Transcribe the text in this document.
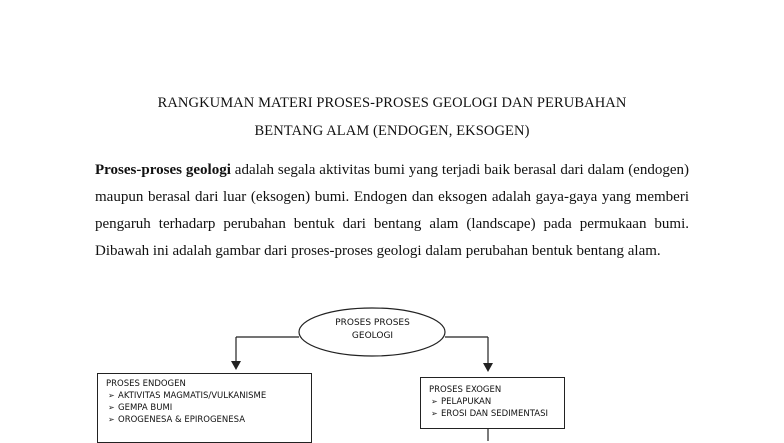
RANGKUMAN MATERI PROSES-PROSES GEOLOGI DAN PERUBAHAN
BENTANG ALAM (ENDOGEN, EKSOGEN)
Proses-proses geologi adalah segala aktivitas bumi yang terjadi baik berasal dari dalam (endogen) maupun berasal dari luar (eksogen) bumi. Endogen dan eksogen adalah gaya-gaya yang memberi pengaruh terhadarp perubahan bentuk dari bentang alam (landscape) pada permukaan bumi. Dibawah ini adalah gambar dari proses-proses geologi dalam perubahan bentuk bentang alam.
PROSES PROSES
GEOLOGI
PROSES ENDOGEN
➢ AKTIVITAS MAGMATIS/VULKANISME
➢ GEMPA BUMI
➢ OROGENESA & EPIROGENESA
PROSES EXOGEN
➢ PELAPUKAN
➢ EROSI DAN SEDIMENTASI
